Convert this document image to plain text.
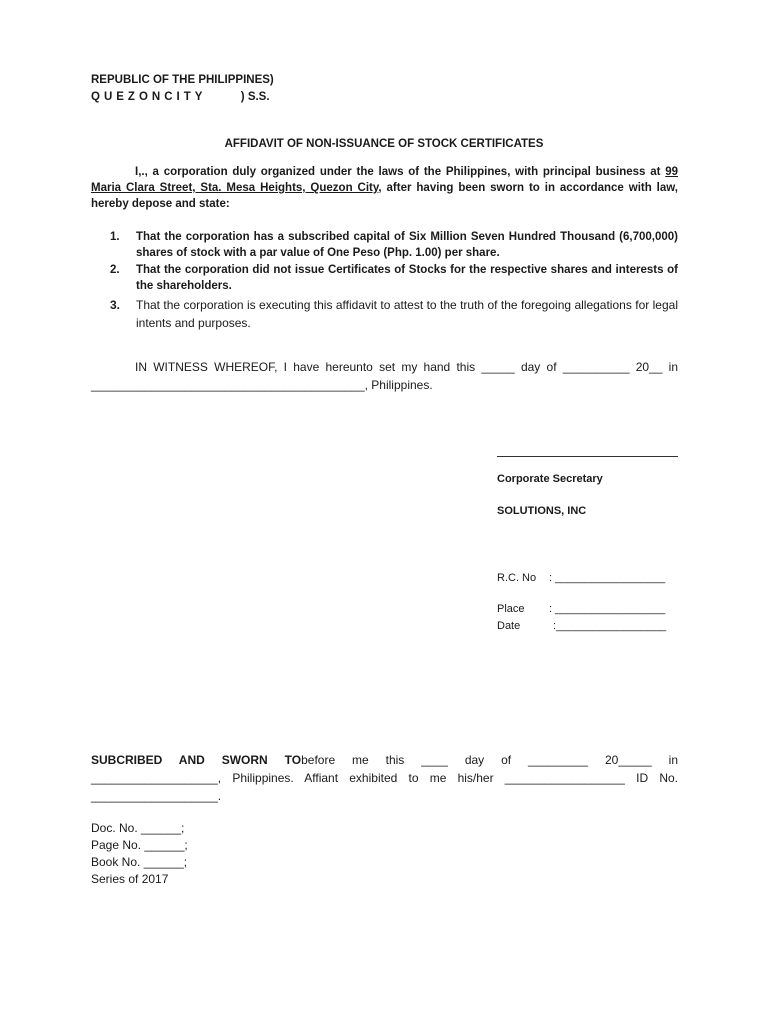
REPUBLIC OF THE PHILIPPINES)
QUEZONCITY	) S.S.
AFFIDAVIT OF NON-ISSUANCE OF STOCK CERTIFICATES
I,., a corporation duly organized under the laws of the Philippines, with principal business at 99
Maria Clara Street, Sta. Mesa Heights, Quezon City, after having been sworn to in accordance with law,
hereby depose and state:
1. That the corporation has a subscribed capital of Six Million Seven Hundred Thousand (6,700,000) shares of stock with a par value of One Peso (Php. 1.00) per share.
2. That the corporation did not issue Certificates of Stocks for the respective shares and interests of the shareholders.
3. That the corporation is executing this affidavit to attest to the truth of the foregoing allegations for legal intents and purposes.
IN WITNESS WHEREOF, I have hereunto set my hand this _____ day of __________ 20__ in
_________________________________________, Philippines.
Corporate Secretary
SOLUTIONS, INC
R.C. No : __________________
Place : __________________
Date	:__________________
SUBCRIBED AND SWORN TObefore me this ____ day of _________ 20_____ in
___________________, Philippines. Affiant exhibited to me his/her __________________ ID No.
___________________.
Doc. No. ______;
Page No. ______;
Book No. ______;
Series of 2017
